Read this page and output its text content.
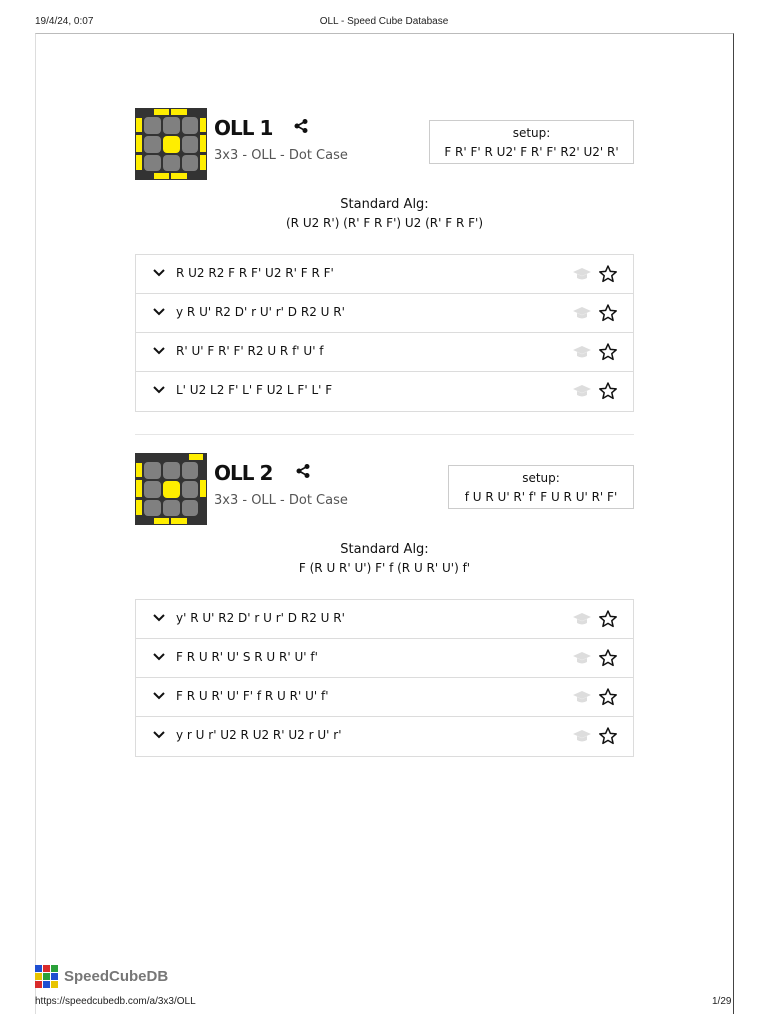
19/4/24, 0:07	OLL - Speed Cube Database
OLL 1
3x3 - OLL - Dot Case
setup:
F R' F' R U2' F R' F' R2' U2' R'
Standard Alg:
(R U2 R') (R' F R F') U2 (R' F R F')
R U2 R2 F R F' U2 R' F R F'
y R U' R2 D' r U' r' D R2 U R'
R' U' F R' F' R2 U R f' U' f
L' U2 L2 F' L' F U2 L F' L' F
OLL 2
3x3 - OLL - Dot Case
setup:
f U R U' R' f' F U R U' R' F'
Standard Alg:
F (R U R' U') F' f (R U R' U') f'
y' R U' R2 D' r U r' D R2 U R'
F R U R' U' S R U R' U' f'
F R U R' U' F' f R U R' U' f'
y r U r' U2 R U2 R' U2 r U' r'
SpeedCubeDB
https://speedcubedb.com/a/3x3/OLL	1/29
